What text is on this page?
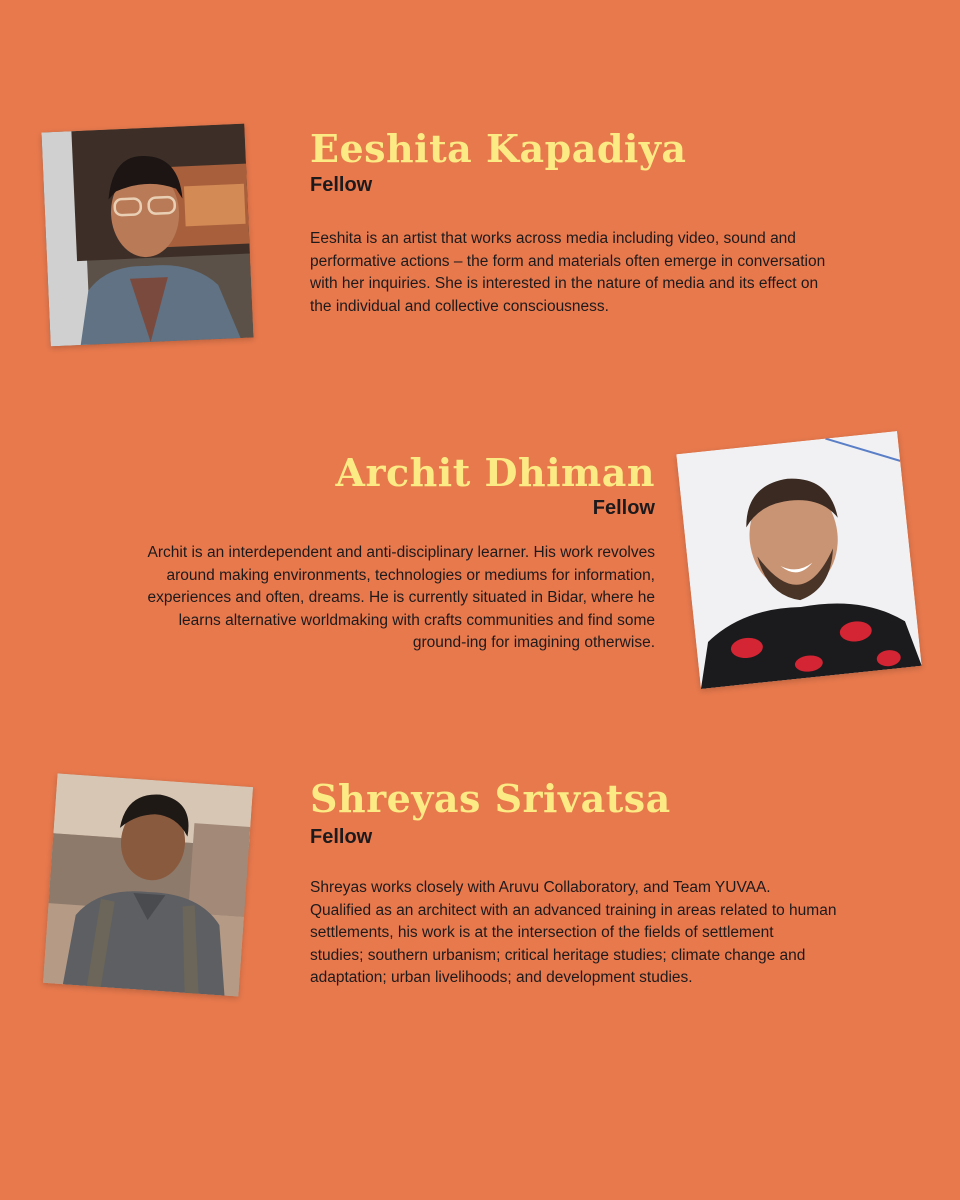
Eeshita Kapadiya
Fellow

Eeshita is an artist that works across media including video, sound and
performative actions – the form and materials often emerge in conversation
with her inquiries. She is interested in the nature of media and its effect on
the individual and collective consciousness.

Archit Dhiman
Fellow

Archit is an interdependent and anti-disciplinary learner. His work revolves
around making environments, technologies or mediums for information,
experiences and often, dreams. He is currently situated in Bidar, where he
learns alternative worldmaking with crafts communities and find some
ground-ing for imagining otherwise.

Shreyas Srivatsa
Fellow

Shreyas works closely with Aruvu Collaboratory, and Team YUVAA.
Qualified as an architect with an advanced training in areas related to human
settlements, his work is at the intersection of the fields of settlement
studies; southern urbanism; critical heritage studies; climate change and
adaptation; urban livelihoods; and development studies.
